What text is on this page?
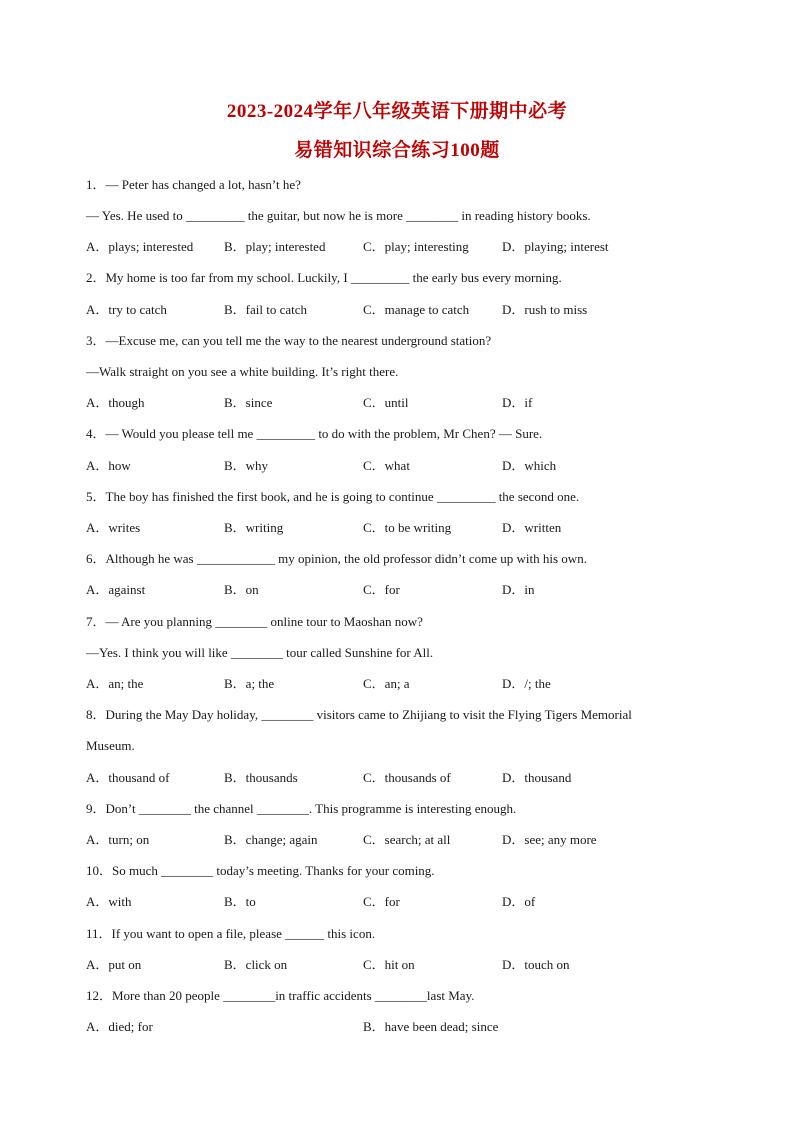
2023-2024学年八年级英语下册期中必考
易错知识综合练习100题
1．— Peter has changed a lot, hasn’t he?
— Yes. He used to _________ the guitar, but now he is more ________ in reading history books.
A．plays; interested B．play; interested	C．play; interesting	D．playing; interest
2．My home is too far from my school. Luckily, I _________ the early bus every morning.
A．try to catch	B．fail to catch	C．manage to catch	D．rush to miss
3．—Excuse me, can you tell me the way to the nearest underground station?
—Walk straight on you see a white building. It’s right there.
A．though	B．since	C．until	D．if
4．— Would you please tell me _________ to do with the problem, Mr Chen? — Sure.
A．how	B．why	C．what	D．which
5．The boy has finished the first book, and he is going to continue _________ the second one.
A．writes	B．writing	C．to be writing	D．written
6．Although he was ____________ my opinion, the old professor didn’t come up with his own.
A．against	B．on	C．for	D．in
7．— Are you planning ________ online tour to Maoshan now?
—Yes. I think you will like ________ tour called Sunshine for All.
A．an; the	B．a; the	C．an; a	D．/; the
8．During the May Day holiday, ________ visitors came to Zhijiang to visit the Flying Tigers Memorial
Museum.
A．thousand of	B．thousands	C．thousands of	D．thousand
9．Don’t ________ the channel ________. This programme is interesting enough.
A．turn; on	B．change; again	C．search; at all	D．see; any more
10．So much ________ today’s meeting. Thanks for your coming.
A．with	B．to	C．for	D．of
11．If you want to open a file, please ______ this icon.
A．put on	B．click on	C．hit on	D．touch on
12．More than 20 people ________in traffic accidents ________last May.
A．died; for	B．have been dead; since
